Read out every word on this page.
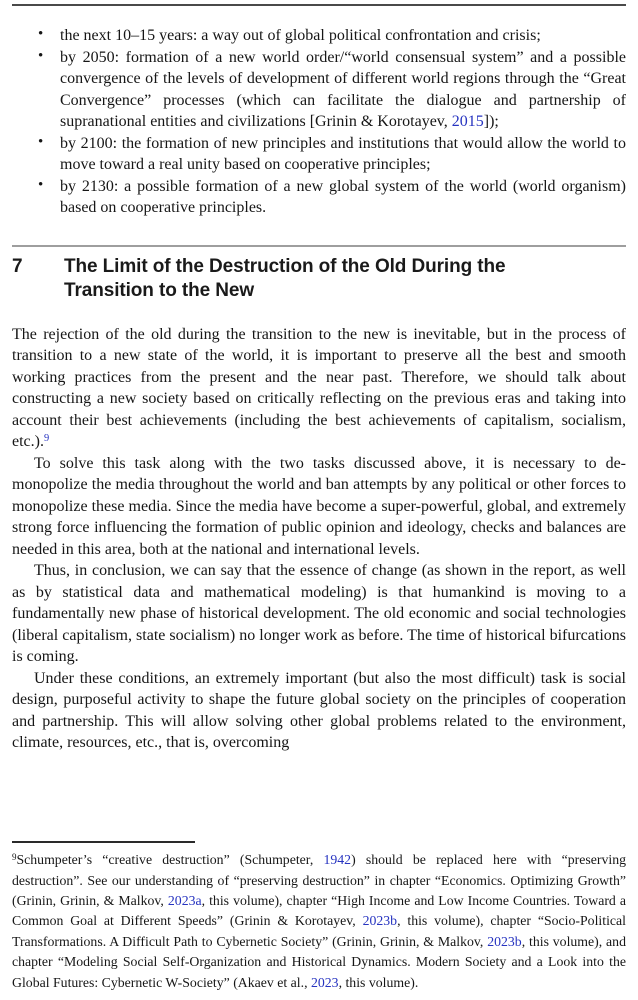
• the next 10–15 years: a way out of global political confrontation and crisis;
• by 2050: formation of a new world order/“world consensual system” and a possible convergence of the levels of development of different world regions through the “Great Convergence” processes (which can facilitate the dialogue and partnership of supranational entities and civilizations [Grinin & Korotayev, 2015]);
• by 2100: the formation of new principles and institutions that would allow the world to move toward a real unity based on cooperative principles;
• by 2130: a possible formation of a new global system of the world (world organism) based on cooperative principles.
7	The Limit of the Destruction of the Old During the Transition to the New

The rejection of the old during the transition to the new is inevitable, but in the process of transition to a new state of the world, it is important to preserve all the best and smooth working practices from the present and the near past. Therefore, we should talk about constructing a new society based on critically reflecting on the previous eras and taking into account their best achievements (including the best achievements of capitalism, socialism, etc.).$^9$

To solve this task along with the two tasks discussed above, it is necessary to de-monopolize the media throughout the world and ban attempts by any political or other forces to monopolize these media. Since the media have become a super-powerful, global, and extremely strong force influencing the formation of public opinion and ideology, checks and balances are needed in this area, both at the national and international levels.

Thus, in conclusion, we can say that the essence of change (as shown in the report, as well as by statistical data and mathematical modeling) is that humankind is moving to a fundamentally new phase of historical development. The old economic and social technologies (liberal capitalism, state socialism) no longer work as before. The time of historical bifurcations is coming.

Under these conditions, an extremely important (but also the most difficult) task is social design, purposeful activity to shape the future global society on the principles of cooperation and partnership. This will allow solving other global problems related to the environment, climate, resources, etc., that is, overcoming

$^9$Schumpeter’s “creative destruction” (Schumpeter, 1942) should be replaced here with “preserving destruction”. See our understanding of “preserving destruction” in chapter “Economics. Optimizing Growth” (Grinin, Grinin, & Malkov, 2023a, this volume), chapter “High Income and Low Income Countries. Toward a Common Goal at Different Speeds” (Grinin & Korotayev, 2023b, this volume), chapter “Socio-Political Transformations. A Difficult Path to Cybernetic Society” (Grinin, Grinin, & Malkov, 2023b, this volume), and chapter “Modeling Social Self-Organization and Historical Dynamics. Modern Society and a Look into the Global Futures: Cybernetic W-Society” (Akaev et al., 2023, this volume).
